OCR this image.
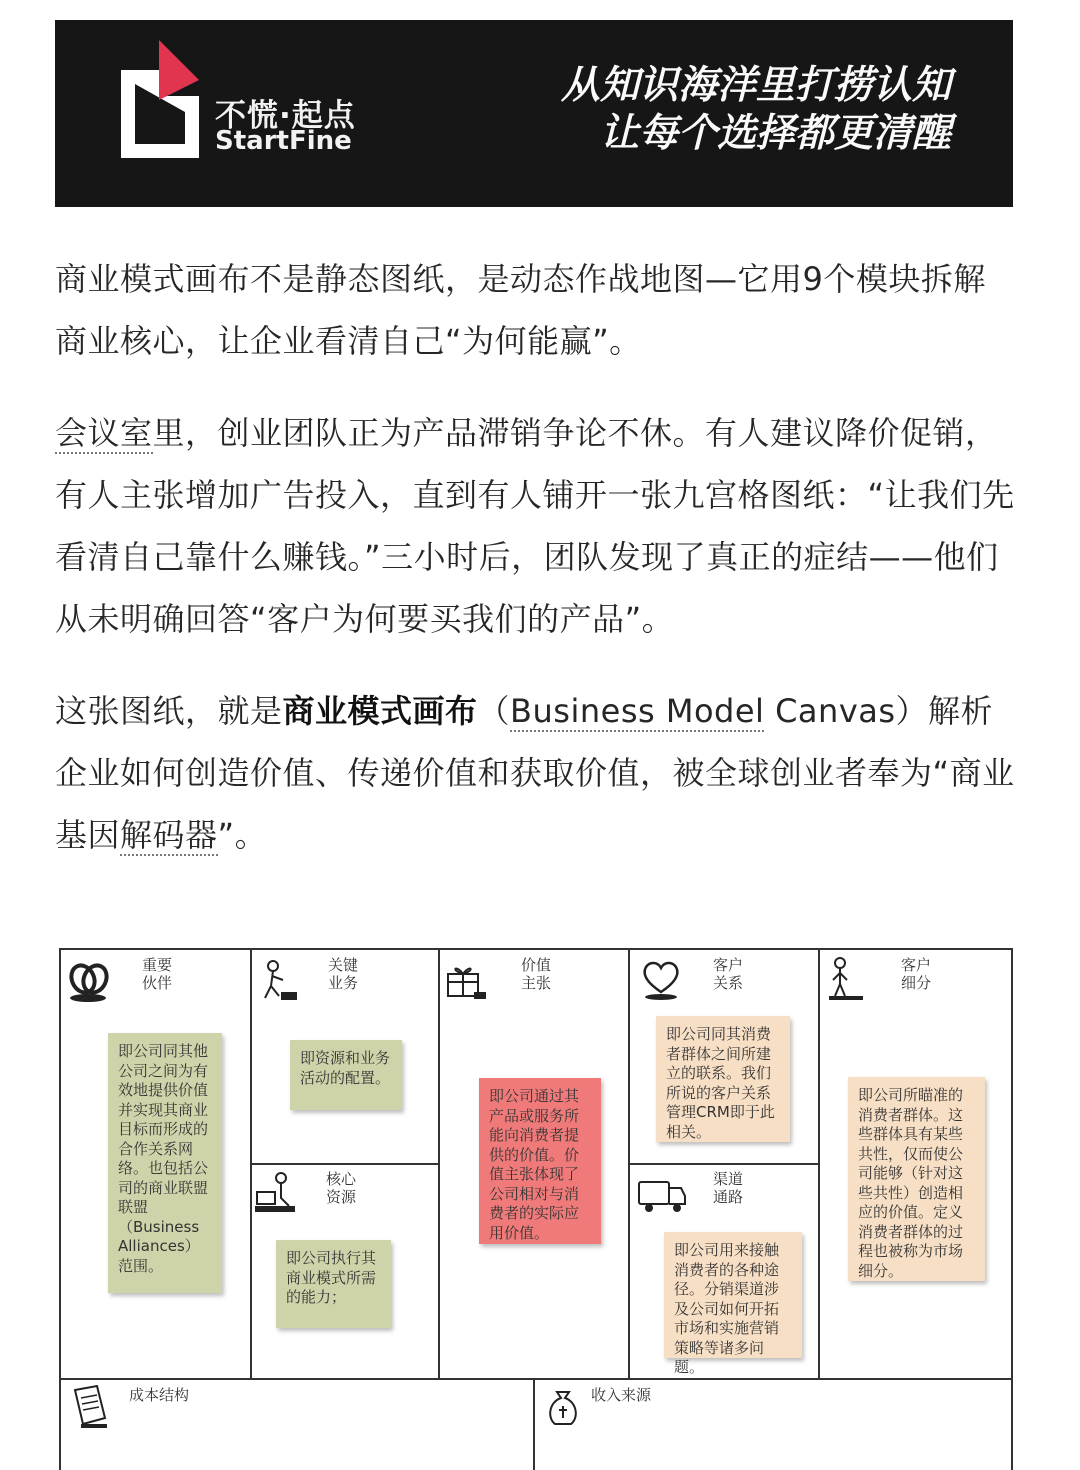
不慌·起点
StartFine
从知识海洋里打捞认知
让每个选择都更清醒

商业模式画布不是静态图纸，是动态作战地图—它用9个模块拆解商业核心，让企业看清自己“为何能赢”。

会议室里，创业团队正为产品滞销争论不休。有人建议降价促销，有人主张增加广告投入，直到有人铺开一张九宫格图纸：“让我们先看清自己靠什么赚钱。”三小时后，团队发现了真正的症结——他们从未明确回答“客户为何要买我们的产品”。

这张图纸，就是商业模式画布（Business Model Canvas）解析企业如何创造价值、传递价值和获取价值，被全球创业者奉为“商业基因解码器”。

重要
伙伴
即公司同其他公司之间为有效地提供价值并实现其商业目标而形成的合作关系网络。也包括公司的商业联盟联盟（Business Alliances）范围。
关键
业务
即资源和业务活动的配置。
核心
资源
即公司执行其商业模式所需的能力；
价值
主张
即公司通过其产品或服务所能向消费者提供的价值。价值主张体现了公司相对与消费者的实际应用价值。
客户
关系
即公司同其消费者群体之间所建立的联系。我们所说的客户关系管理CRM即于此相关。
渠道
通路
即公司用来接触消费者的各种途径。分销渠道涉及公司如何开拓市场和实施营销策略等诸多问题。
客户
细分
即公司所瞄准的消费者群体。这些群体具有某些共性，仅而使公司能够（针对这些共性）创造相应的价值。定义消费者群体的过程也被称为市场细分。
成本结构	收入来源
